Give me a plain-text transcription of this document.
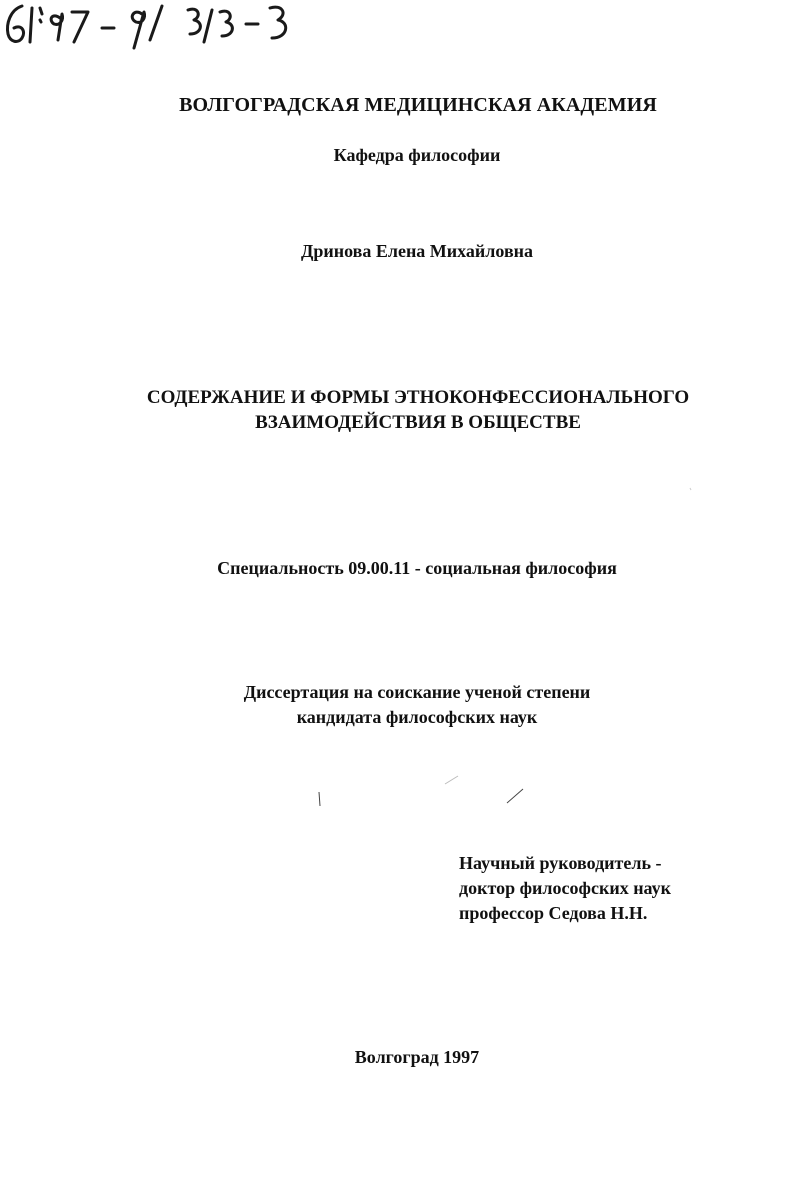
ВОЛГОГРАДСКАЯ МЕДИЦИНСКАЯ АКАДЕМИЯ
Кафедра философии
Дринова Елена Михайловна
СОДЕРЖАНИЕ И ФОРМЫ ЭТНОКОНФЕССИОНАЛЬНОГО
ВЗАИМОДЕЙСТВИЯ В ОБЩЕСТВЕ
Специальность 09.00.11 - социальная философия
Диссертация на соискание ученой степени
кандидата философских наук
Научный руководитель -
доктор философских наук
профессор Седова Н.Н.
Волгоград 1997
